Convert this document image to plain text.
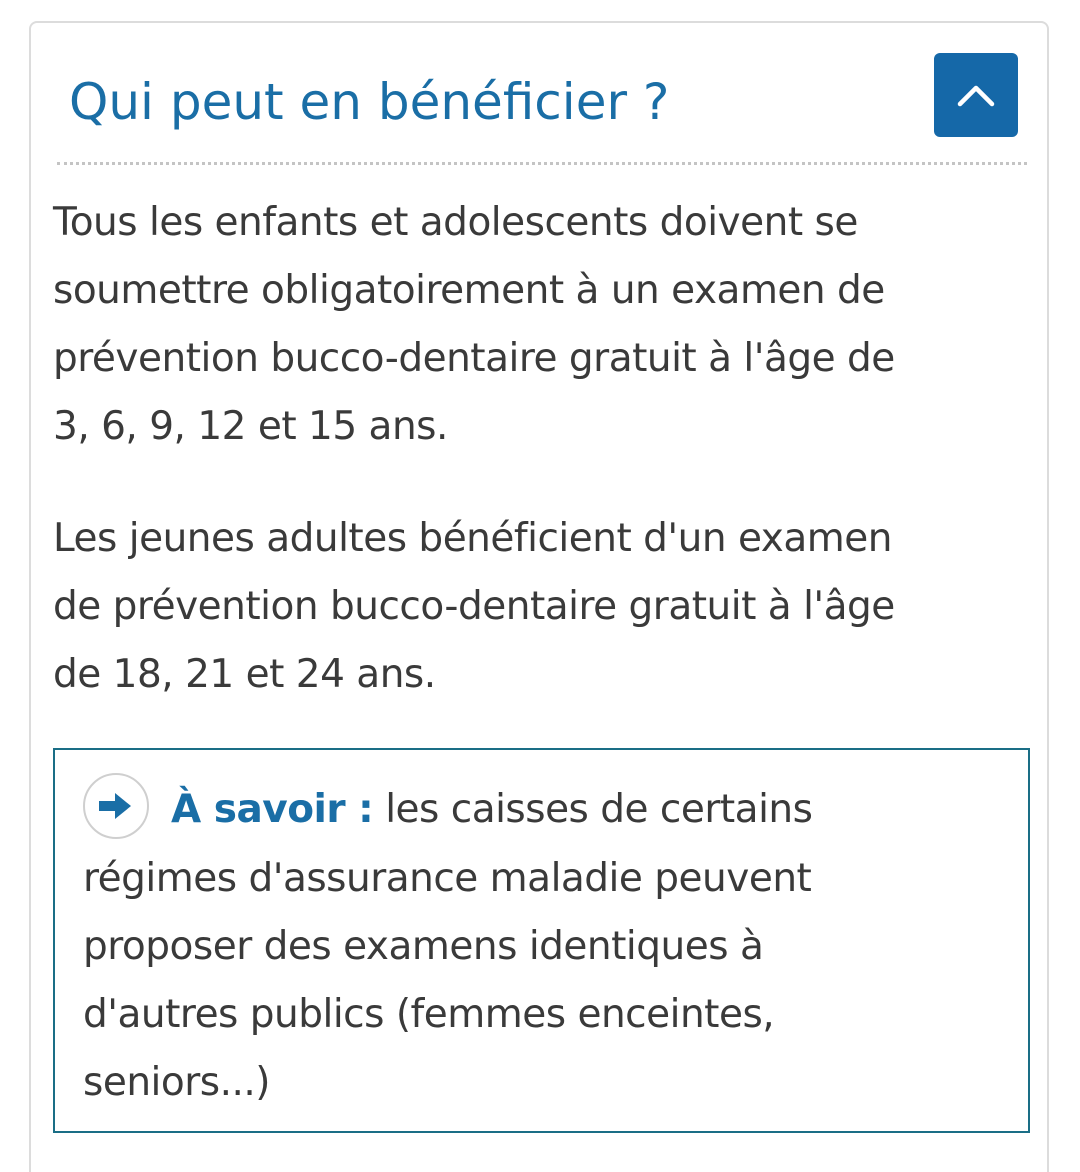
Qui peut en bénéficier ?

Tous les enfants et adolescents doivent se
soumettre obligatoirement à un examen de
prévention bucco-dentaire gratuit à l'âge de
3, 6, 9, 12 et 15 ans.

Les jeunes adultes bénéficient d'un examen
de prévention bucco-dentaire gratuit à l'âge
de 18, 21 et 24 ans.

À savoir : les caisses de certains
régimes d'assurance maladie peuvent
proposer des examens identiques à
d'autres publics (femmes enceintes,
seniors...)
